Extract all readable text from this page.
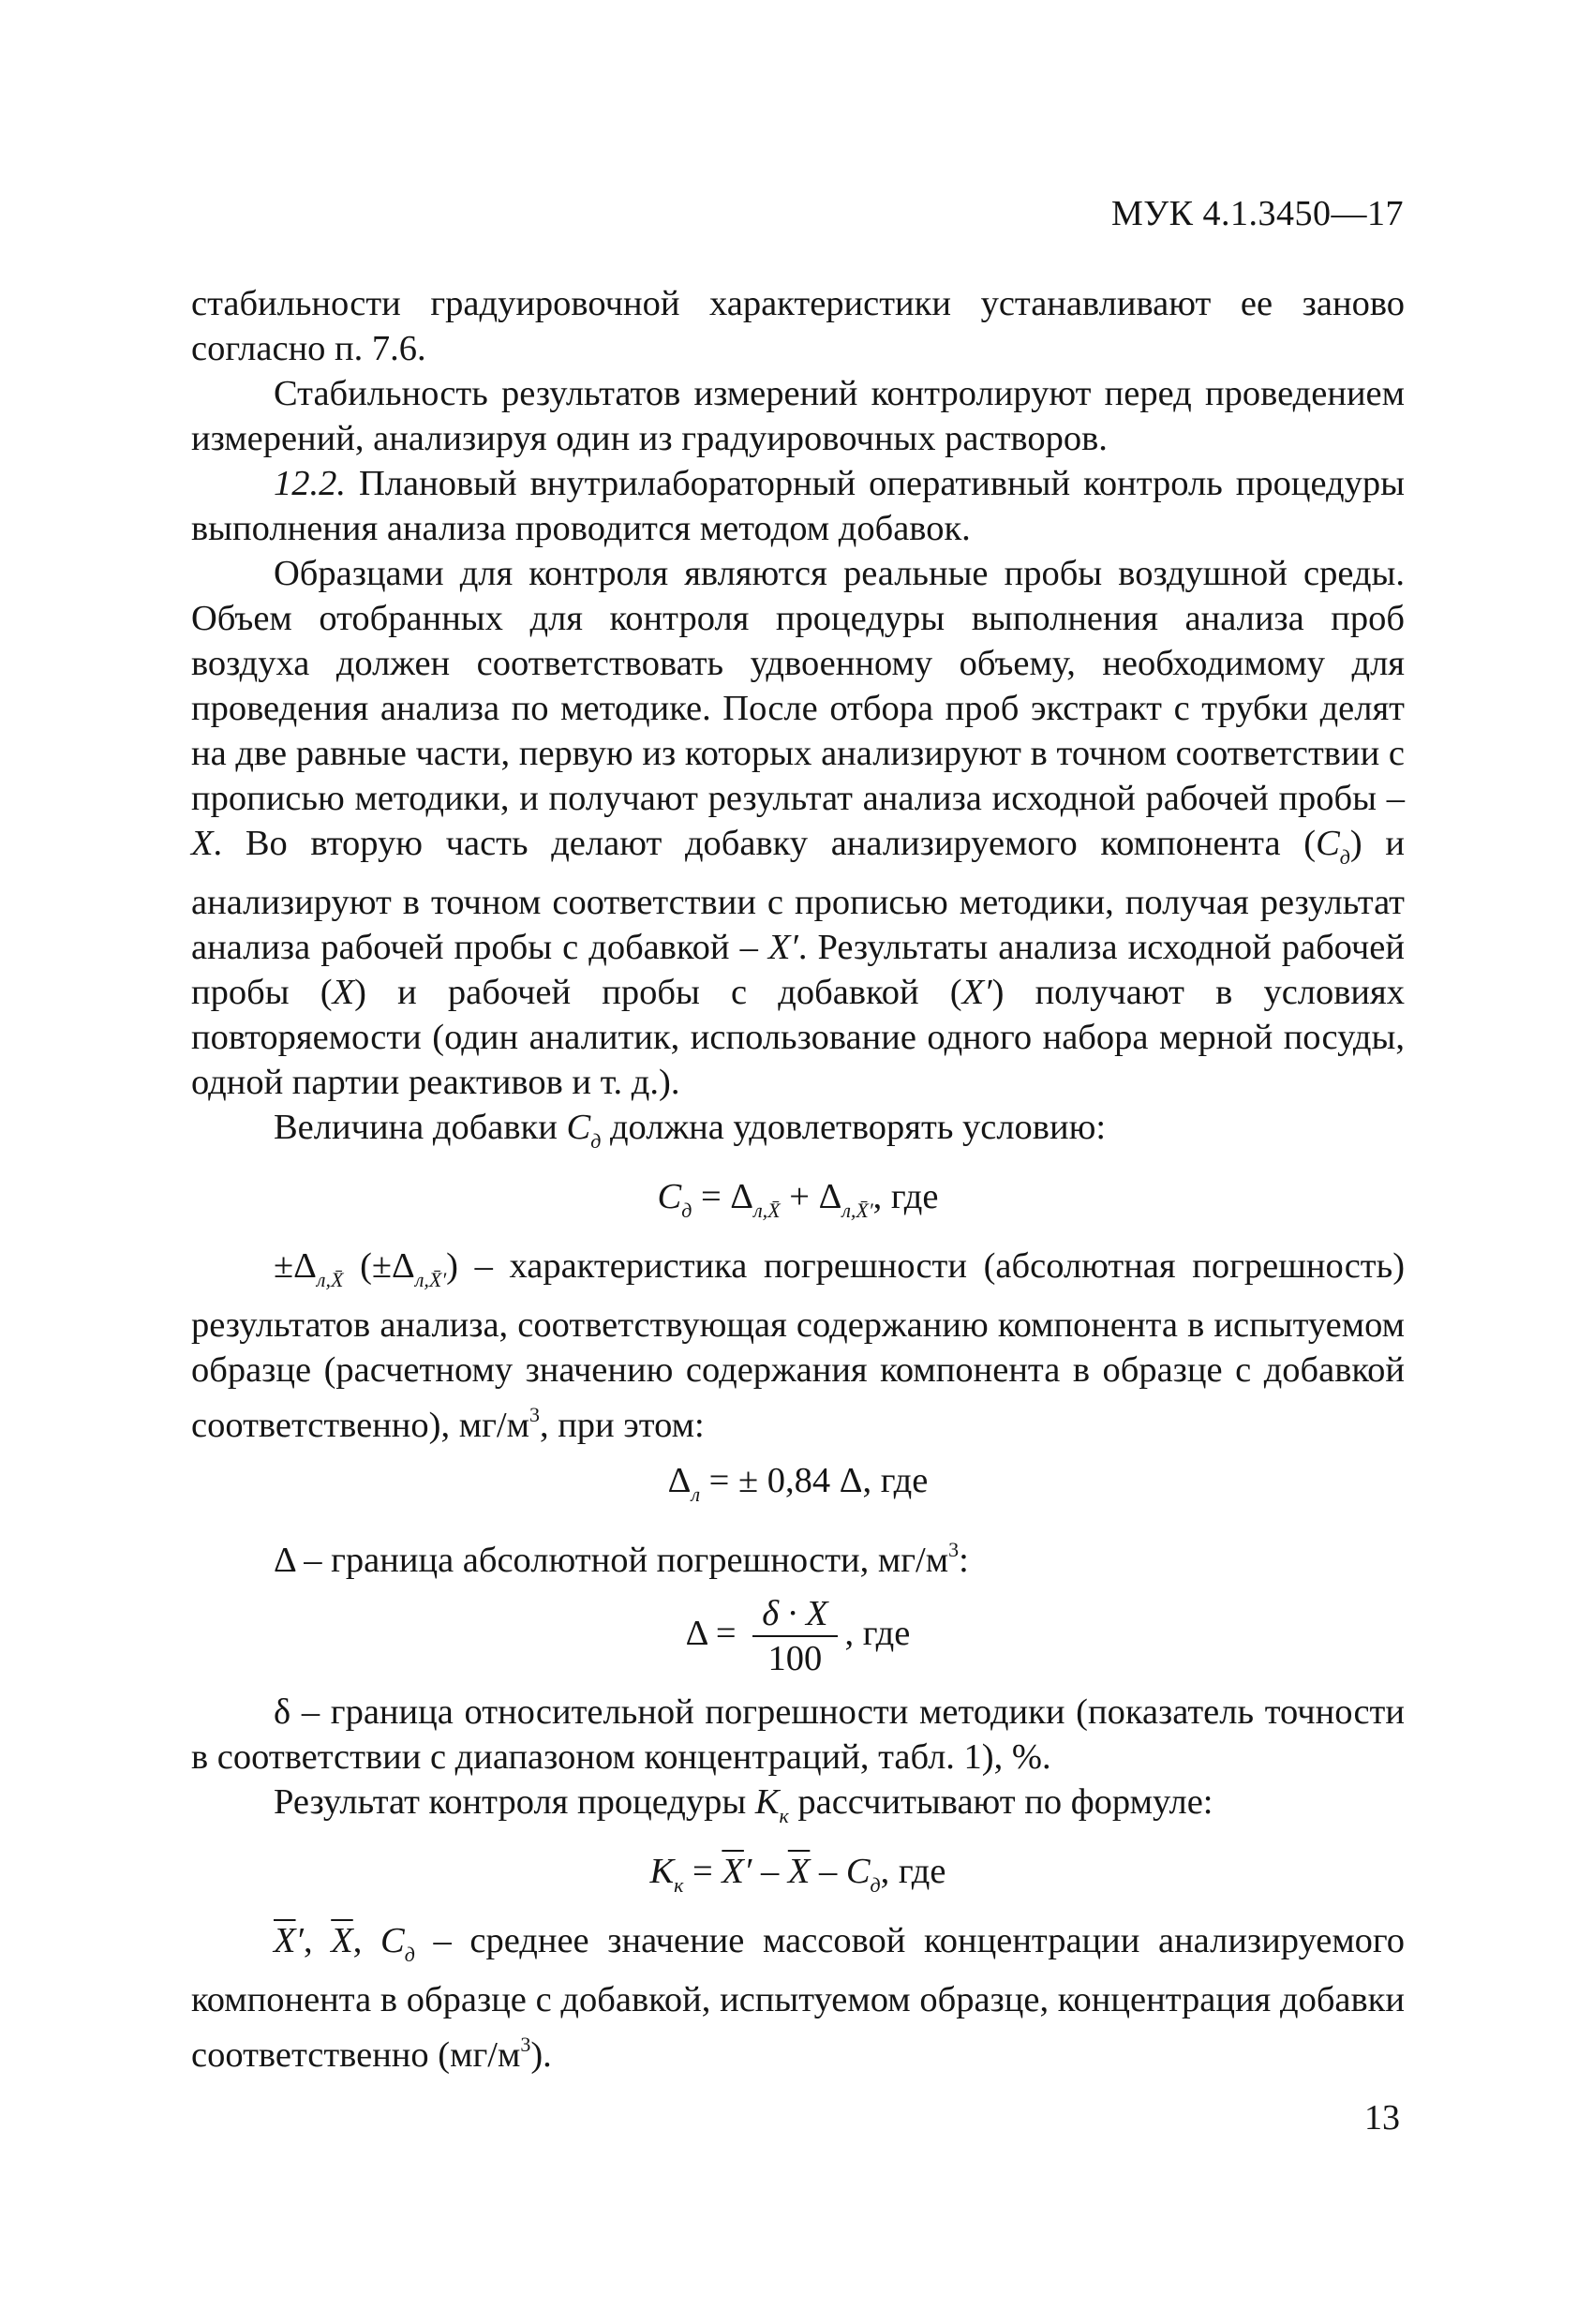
МУК 4.1.3450—17

стабильности градуировочной характеристики устанавливают ее заново согласно п. 7.6.

Стабильность результатов измерений контролируют перед проведением измерений, анализируя один из градуировочных растворов.

12.2. Плановый внутрилабораторный оперативный контроль процедуры выполнения анализа проводится методом добавок.

Образцами для контроля являются реальные пробы воздушной среды. Объем отобранных для контроля процедуры выполнения анализа проб воздуха должен соответствовать удвоенному объему, необходимому для проведения анализа по методике. После отбора проб экстракт с трубки делят на две равные части, первую из которых анализируют в точном соответствии с прописью методики, и получают результат анализа исходной рабочей пробы – X. Во вторую часть делают добавку анализируемого компонента $(С_д)$ и анализируют в точном соответствии с прописью методики, получая результат анализа рабочей пробы с добавкой – X′. Результаты анализа исходной рабочей пробы (X) и рабочей пробы с добавкой (X′) получают в условиях повторяемости (один аналитик, использование одного набора мерной посуды, одной партии реактивов и т. д.).

Величина добавки $С_д$ должна удовлетворять условию:

$С_д = \Delta_{л,X̄} + \Delta_{л,X̄'}$, где

$\pm\Delta_{л,X̄}$ $(\pm\Delta_{л,X̄'})$ – характеристика погрешности (абсолютная погрешность) результатов анализа, соответствующая содержанию компонента в испытуемом образце (расчетному значению содержания компонента в образце с добавкой соответственно), $мг/м^3$, при этом:

$\Delta_л$ = ± 0,84 Δ, где

Δ – граница абсолютной погрешности, $мг/м^3$:

$\Delta = \frac{\delta \cdot X}{100}$ , где

δ – граница относительной погрешности методики (показатель точности в соответствии с диапазоном концентраций, табл. 1), %.

Результат контроля процедуры $К_к$ рассчитывают по формуле:

$К_к = \overline{X}' - \overline{X} - С_д$, где

$\overline{X}'$, $\overline{X}$, $С_д$ – среднее значение массовой концентрации анализируемого компонента в образце с добавкой, испытуемом образце, концентрация добавки соответственно $(мг/м^3)$.

13
